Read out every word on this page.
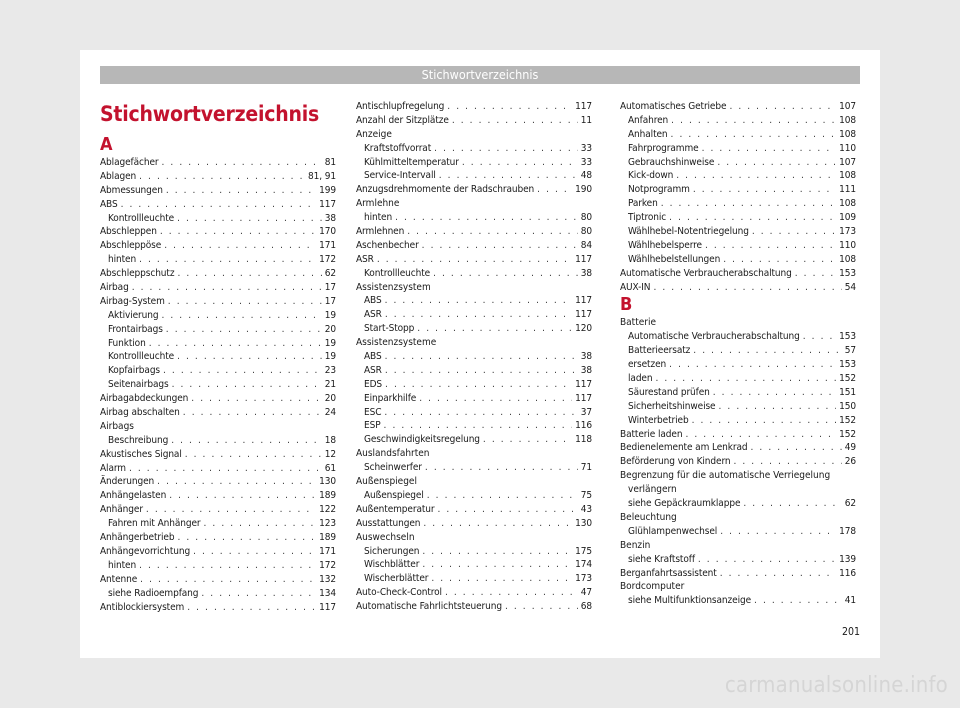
Stichwortverzeichnis
Stichwortverzeichnis
A
Ablagefächer . . .	81
Ablagen . . .	81, 91
Abmessungen . . .	199
ABS . . .	117
Kontrollleuchte . . .	38
Abschleppen . . .	170
Abschleppöse . . .	171
hinten . . .	172
Abschleppschutz . . .	62
Airbag . . .	17
Airbag-System . . .	17
Aktivierung . . .	19
Frontairbags . . .	20
Funktion . . .	19
Kontrollleuchte . . .	19
Kopfairbags . . .	23
Seitenairbags . . .	21
Airbagabdeckungen . . .	20
Airbag abschalten . . .	24
Airbags
Beschreibung . . .	18
Akustisches Signal . . .	12
Alarm . . .	61
Änderungen . . .	130
Anhängelasten . . .	189
Anhänger . . .	122
Fahren mit Anhänger . . .	123
Anhängerbetrieb . . .	189
Anhängevorrichtung . . .	171
hinten . . .	172
Antenne . . .	132
siehe Radioempfang . . .	134
Antiblockiersystem . . .	117
Antischlupfregelung . . .	117
Anzahl der Sitzplätze . . .	11
Anzeige
Kraftstoffvorrat . . .	33
Kühlmitteltemperatur . . .	33
Service-Intervall . . .	48
Anzugsdrehmomente der Radschrauben . . .	190
Armlehne
hinten . . .	80
Armlehnen . . .	80
Aschenbecher . . .	84
ASR . . .	117
Kontrollleuchte . . .	38
Assistenzsystem
ABS . . .	117
ASR . . .	117
Start-Stopp . . .	120
Assistenzsysteme
ABS . . .	38
ASR . . .	38
EDS . . .	117
Einparkhilfe . . .	117
ESC . . .	37
ESP . . .	116
Geschwindigkeitsregelung . . .	118
Auslandsfahrten
Scheinwerfer . . .	71
Außenspiegel
Außenspiegel . . .	75
Außentemperatur . . .	43
Ausstattungen . . .	130
Auswechseln
Sicherungen . . .	175
Wischblätter . . .	174
Wischerblätter . . .	173
Auto-Check-Control . . .	47
Automatische Fahrlichtsteuerung . . .	68
Automatisches Getriebe . . .	107
Anfahren . . .	108
Anhalten . . .	108
Fahrprogramme . . .	110
Gebrauchshinweise . . .	107
Kick-down . . .	108
Notprogramm . . .	111
Parken . . .	108
Tiptronic . . .	109
Wählhebel-Notentriegelung . . .	173
Wählhebelsperre . . .	110
Wählhebelstellungen . . .	108
Automatische Verbraucherabschaltung . . .	153
AUX-IN . . .	54
B
Batterie
Automatische Verbraucherabschaltung . . .	153
Batterieersatz . . .	57
ersetzen . . .	153
laden . . .	152
Säurestand prüfen . . .	151
Sicherheitshinweise . . .	150
Winterbetrieb . . .	152
Batterie laden . . .	152
Bedienelemente am Lenkrad . . .	49
Beförderung von Kindern . . .	26
Begrenzung für die automatische Verriegelung
verlängern
siehe Gepäckraumklappe . . .	62
Beleuchtung
Glühlampenwechsel . . .	178
Benzin
siehe Kraftstoff . . .	139
Berganfahrtsassistent . . .	116
Bordcomputer
siehe Multifunktionsanzeige . . .	41
201
carmanualsonline.info
